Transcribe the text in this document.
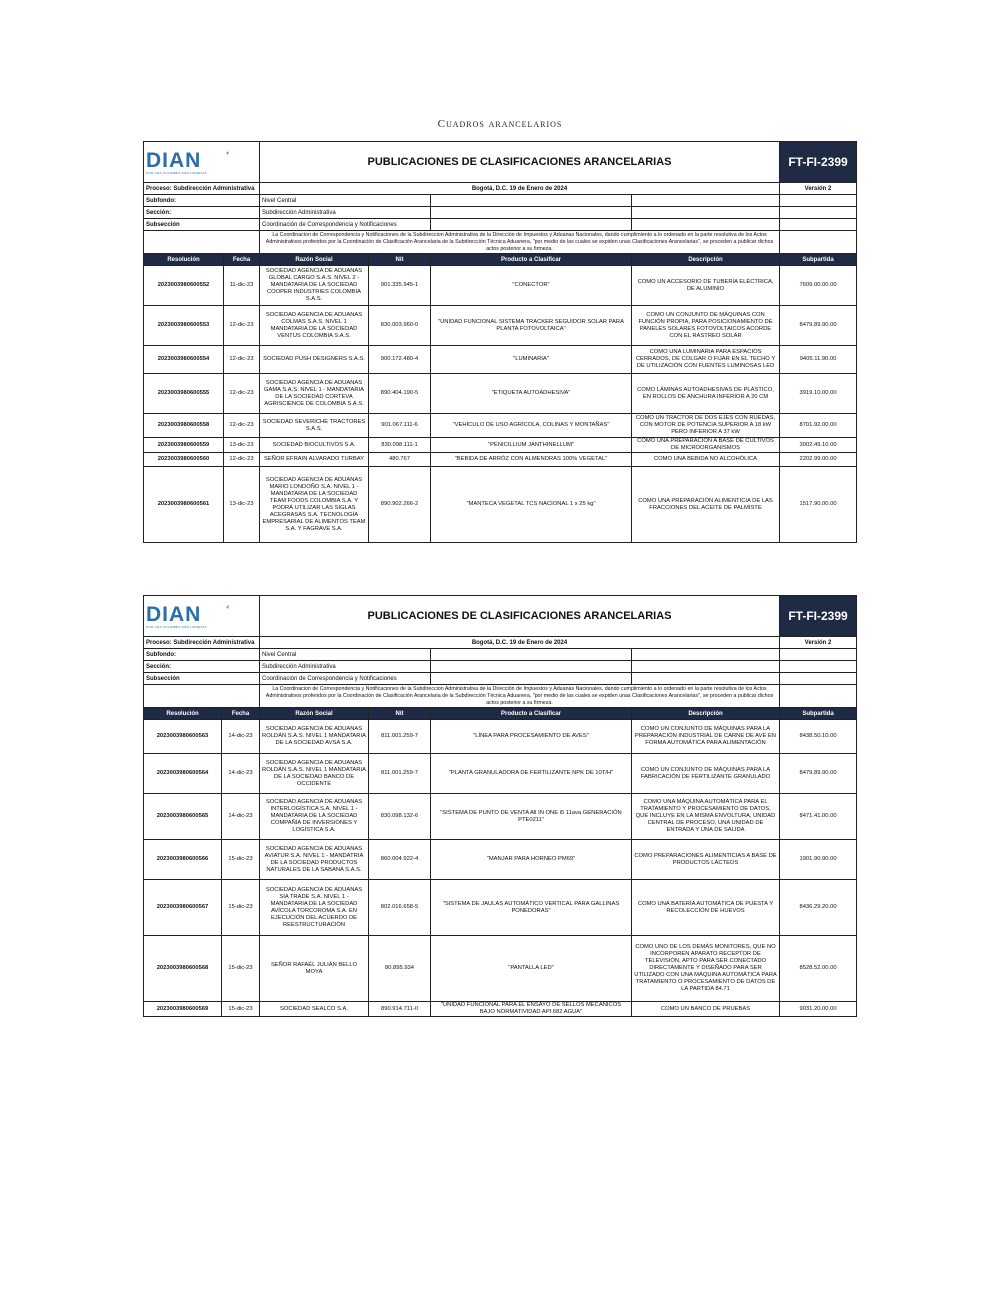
Cuadros arancelarios
DIAN
POR UNA COLOMBIA MÁS HONESTA		PUBLICACIONES DE CLASIFICACIONES ARANCELARIAS				FT-FI-2399
Proceso: Subdirección Administrativa		Bogotá, D.C. 19 de Enero de 2024				Versión 2
Subfondo:		Nivel Central				
Sección:		Subdirección Administrativa				
Subsección		Coordinación de Correspondencia y Notificaciones				
		La Coordinacion de Correspondencia y Notificaciones de la Subdireccion Administrativa de la Dirección de Impuestos y Aduanas Nacionales, dando cumplimiento a lo ordenado en la parte resolutiva de los Actos Administrativos proferidos por la Coordinación de Clasificación Arancelaria de la Subdirección Técnica Aduanera, "por medio de las cuales se expiden unas Clasificaciones Arancelarias", se proceden a publicar dichos actos posterior a su firmeza.				
Resolución	Fecha	Razón Social	Nit	Producto a Clasificar	Descripción	Subpartida
2023003980600552	11-dic-23	SOCIEDAD AGENCIA DE ADUANAS GLOBAL CARGO S.A.S. NIVEL 2 - MANDATARIA DE LA SOCIEDAD COOPER INDUSTRIES COLOMBIA S.A.S.	901.335.945-1	"CONECTOR"	COMO UN ACCESORIO DE TUBERÍA ELÉCTRICA, DE ALUMINIO	7609.00.00.00
2023003980600553	12-dic-23	SOCIEDAD AGENCIA DE ADUANAS COLMAS S.A.S. NIVEL 1 MANDATARIA DE LA SOCIEDAD VENTUS COLOMBIA S.A.S.	830.003.960-0	"UNIDAD FUNCIONAL SISTEMA TRACKER SEGUIDOR SOLAR PARA PLANTA FOTOVOLTAICA"	COMO UN CONJUNTO DE MÁQUINAS CON FUNCIÓN PROPIA, PARA POSICIONAMIENTO DE PANELES SOLARES FOTOVOLTAICOS ACORDE CON EL RASTREO SOLAR	8479.89.90.00
2023003980600554	12-dic-23	SOCIEDAD PUSH DESIGNERS S.A.S.	900.172.480-4	"LUMINARIA"	COMO UNA LUMINARIA PARA ESPACIOS CERRADOS, DE COLGAR O FIJAR EN EL TECHO Y DE UTILIZACIÓN CON FUENTES LUMINOSAS LED	9405.11.90.00
2023003980600555	12-dic-23	SOCIEDAD AGENCIA DE ADUANAS GAMA S.A.S. NIVEL 1 - MANDATARIA DE LA SOCIEDAD CORTEVA AGRISCIENCE DE COLOMBIA S.A.S.	890.404.190-5	"ETIQUETA AUTOADHESIVA"	COMO LÁMINAS AUTOADHESIVAS DE PLÁSTICO, EN ROLLOS DE ANCHURA INFERIOR A 20 CM	3919.10.00.00
2023003980600558	12-dic-23	SOCIEDAD SEVERICHE TRACTORES S.A.S.	901.067.111-6	"VEHÍCULO DE USO AGRÍCOLA, COLINAS Y MONTAÑAS"	COMO UN TRACTOR DE DOS EJES CON RUEDAS, CON MOTOR DE POTENCIA SUPERIOR A 18 kW PERO INFERIOR A 37 kW	8701.92.00.00
2023003980600559	13-dic-23	SOCIEDAD BIOCULTIVOS S.A.	830.098.111-1	"PENICILLIUM JANTHINELLUM"	COMO UNA PREPARACIÓN A BASE DE CULTIVOS DE MICROORGANISMOS	3002.49.10.00
2023003980600560	12-dic-23	SEÑOR EFRAIN ALVARADO TURBAY	480.767	"BEBIDA DE ARRÓZ CON ALMENDRAS 100% VEGETAL"	COMO UNA BEBIDA NO ALCOHÓLICA	2202.99.00.00
2023003980600561	13-dic-23	SOCIEDAD AGENCIA DE ADUANAS MARIO LONDOÑO S.A. NIVEL 1 - MANDATARIA DE LA SOCIEDAD TEAM FOODS COLOMBIA S.A. Y PODRÁ UTILIZAR LAS SIGLAS ACEGRASAS S.A. TECNOLOGÍA EMPRESARIAL DE ALIMENTOS TEAM S.A. Y FAGRAVE S.A.	890.902.266-2	"MANTECA VEGETAL TCS NACIONAL 1 x 25 kg"	COMO UNA PREPARACIÓN ALIMENTICIA DE LAS FRACCIONES DEL ACEITE DE PALMISTE	1517.90.00.00
DIAN
POR UNA COLOMBIA MÁS HONESTA		PUBLICACIONES DE CLASIFICACIONES ARANCELARIAS				FT-FI-2399
Proceso: Subdirección Administrativa		Bogotá, D.C. 19 de Enero de 2024				Versión 2
Subfondo:		Nivel Central				
Sección:		Subdirección Administrativa				
Subsección		Coordinación de Correspondencia y Notificaciones				
		La Coordinacion de Correspondencia y Notificaciones de la Subdireccion Administrativa de la Dirección de Impuestos y Aduanas Nacionales, dando cumplimiento a lo ordenado en la parte resolutiva de los Actos Administrativos proferidos por la Coordinación de Clasificación Arancelaria de la Subdirección Técnica Aduanera, "por medio de las cuales se expiden unas Clasificaciones Arancelarias", se proceden a publicar dichos actos posterior a su firmeza.				
Resolución	Fecha	Razón Social	Nit	Producto a Clasificar	Descripción	Subpartida
2023003980600563	14-dic-23	SOCIEDAD AGENCIA DE ADUANAS ROLDÁN S.A.S. NIVEL 1 MANDATARIA DE LA SOCIEDAD AVSA S.A.	811.001.259-7	"LÍNEA PARA PROCESAMIENTO DE AVES"	COMO UN CONJUNTO DE MÁQUINAS PARA LA PREPARACIÓN INDUSTRIAL DE CARNE DE AVE EN FORMA AUTOMÁTICA PARA ALIMENTACIÓN	8438.50.10.00
2023003980600564	14-dic-23	SOCIEDAD AGENCIA DE ADUANAS ROLDÁN S.A.S. NIVEL 1 MANDATARIA DE LA SOCIEDAD BANCO DE OCCIDENTE	811.001.259-7	"PLANTA GRANULADORA DE FERTILIZANTE NPK DE 10T/H"	COMO UN CONJUNTO DE MÁQUINAS PARA LA FABRICACIÓN DE FERTILIZANTE GRANULADO	8479.89.90.00
2023003980600565	14-dic-23	SOCIEDAD AGENCIA DE ADUANAS INTERLOGÍSTICA S.A. NIVEL 1 - MANDATARIA DE LA SOCIEDAD COMPAÑÍA DE INVERSIONES Y LOGÍSTICA S.A.	830.098.132-6	"SISTEMA DE PUNTO DE VENTA All IN ONE i5 11ava GENERACIÓN PTE0211"	COMO UNA MÁQUINA AUTOMÁTICA PARA EL TRATAMIENTO Y PROCESAMIENTO DE DATOS, QUE INCLUYE EN LA MISMA ENVOLTURA, UNIDAD CENTRAL DE PROCESO, UNA UNIDAD DE ENTRADA Y UNA DE SALIDA	8471.41.00.00
2023003980600566	15-dic-23	SOCIEDAD AGENCIA DE ADUANAS AVIATUR S.A. NIVEL 1 - MANDATRIA DE LA SOCIEDAD PRODUCTOS NATURALES DE LA SABANA S.A.S.	860.004.922-4	"MANJAR PARA HORNEO PM69"	COMO PREPARACIONES ALIMENTICIAS A BASE DE PRODUCTOS LÁCTEOS	1901.90.90.00
2023003980600567	15-dic-23	SOCIEDAD AGENCIA DE ADUANAS SIA TRADE S.A. NIVEL 1 - MANDATARIA DE LA SOCIEDAD AVÍCOLA TORCOROMA S.A. EN EJECUCIÓN DEL ACUERDO DE REESTRUCTURACIÓN	802.016.658-5	"SISTEMA DE JAULAS AUTOMÁTICO VERTICAL PARA GALLINAS PONEDORAS"	COMO UNA BATERÍA AUTOMÁTICA DE PUESTA Y RECOLECCIÓN DE HUEVOS	8436.29.20.00
2023003980600568	15-dic-23	SEÑOR RAFAÉL JULIÁN BELLO MOYA	80.895.934	"PANTALLA LED"	COMO UNO DE LOS DEMÁS MONITORES, QUE NO INCORPOREN APARATO RECEPTOR DE TELEVISIÓN, APTO PARA SER CONECTADO DIRECTAMENTE Y DISEÑADO PARA SER UTILIZADO CON UNA MÁQUINA AUTOMÁTICA PARA TRATAMIENTO O PROCESAMIENTO DE DATOS DE LA PARTIDA 84.71	8528.52.00.00
2023003980600569	15-dic-23	SOCIEDAD SEALCO S.A.	890.914.711-0	"UNIDAD FUNCIONAL PARA EL ENSAYO DE SELLOS MECÁNICOS BAJO NORMATIVIDAD API 682 AGUA"	COMO UN BANCO DE PRUEBAS	9031.20.00.00
